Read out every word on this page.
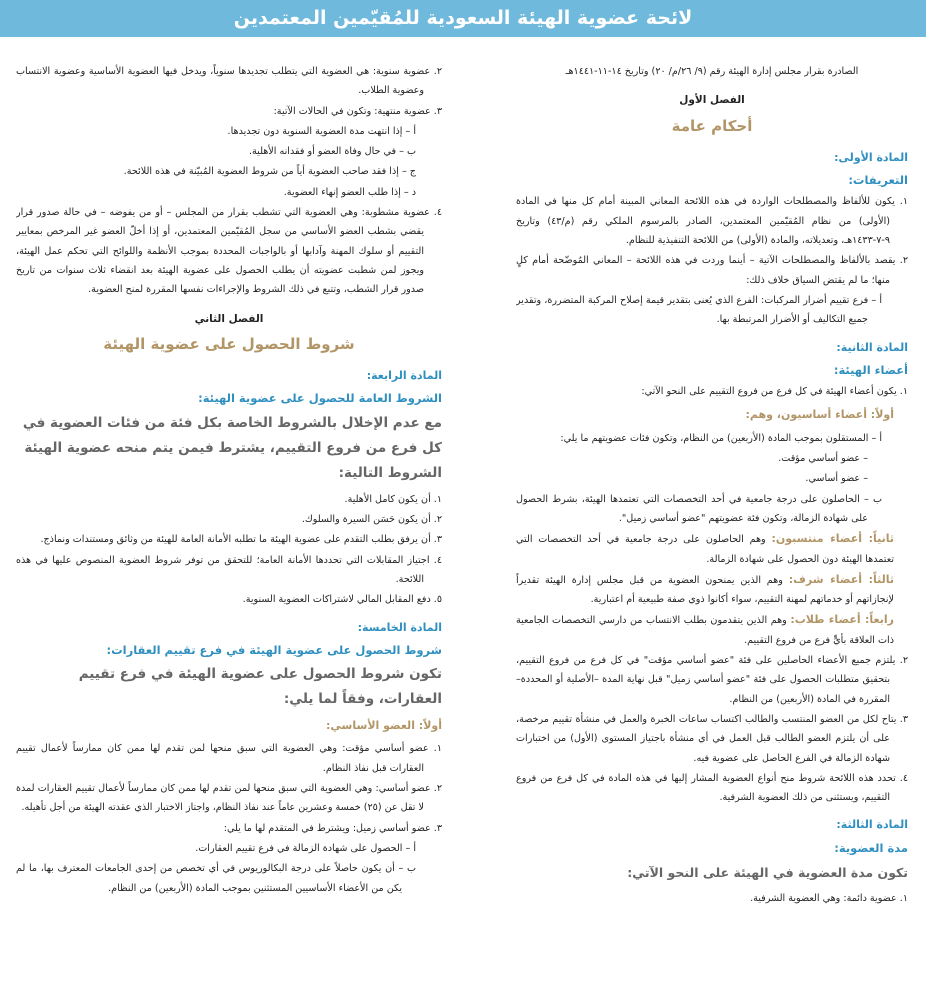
لائحة عضوية الهيئة السعودية للمُقيّمين المعتمدين
الصادرة بقرار مجلس إدارة الهيئة رقم (٩/ ٢٦/م/ ٢٠) وتاريخ ١٤-١١-١٤٤١هـ
الفصل الأول
أحكام عامة
المادة الأولى:
التعريفات:
١. يكون للألفاظ والمصطلحات الواردة في هذه اللائحة المعاني المبينة أمام كل منها في المادة (الأولى) من نظام المُقيّمين المعتمدين، الصادر بالمرسوم الملكي رقم (م/٤٣) وتاريخ ٩-٧-١٤٣٣هـ، وتعديلاته، والمادة (الأولى) من اللائحة التنفيذية للنظام.
٢. يقصد بالألفاظ والمصطلحات الآتية – أينما وردت في هذه اللائحة – المعاني المُوضّحة أمام كلٍ منها؛ ما لم يقتض السياق خلاف ذلك:
أ – فرع تقييم أضرار المركبات: الفرع الذي يُعنى بتقدير قيمة إصلاح المركبة المتضررة، وتقدير جميع التكاليف أو الأضرار المرتبطة بها.
المادة الثانية:
أعضاء الهيئة:
١. يكون أعضاء الهيئة في كل فرع من فروع التقييم على النحو الآتي:
أولاً: أعضاء أساسيون، وهم:
أ – المستقلون بموجب المادة (الأربعين) من النظام، وتكون فئات عضويتهم ما يلي:
– عضو أساسي مؤقت.
– عضو أساسي.
ب – الحاصلون على درجة جامعية في أحد التخصصات التي تعتمدها الهيئة، بشرط الحصول على شهادة الزمالة، وتكون فئة عضويتهم "عضو أساسي زميل".
ثانياً: أعضاء منتسبون: وهم الحاصلون على درجة جامعية في أحد التخصصات التي تعتمدها الهيئة دون الحصول على شهادة الزمالة.
ثالثاً: أعضاء شرف: وهم الذين يمنحون العضوية من قبل مجلس إدارة الهيئة تقديراً لإنجازاتهم أو خدماتهم لمهنة التقييم، سواء أكانوا ذوي صفة طبيعية أم اعتبارية.
رابعاً: أعضاء طلاب: وهم الذين يتقدمون بطلب الانتساب من دارسي التخصصات الجامعية ذات العلاقة بأيٍّ فرع من فروع التقييم.
٢. يلتزم جميع الأعضاء الحاصلين على فئة "عضو أساسي مؤقت" في كل فرع من فروع التقييم، بتحقيق متطلبات الحصول على فئة "عضو أساسي زميل" قبل نهاية المدة –الأصلية أو المحددة– المقررة في المادة (الأربعين) من النظام.
٣. يتاح لكل من العضو المنتسب والطالب اكتساب ساعات الخبرة والعمل في منشأة تقييم مرخصة، على أن يلتزم العضو الطالب قبل العمل في أي منشأة باجتياز المستوى (الأول) من اختبارات شهادة الزمالة في الفرع الحاصل على عضوية فيه.
٤. تحدد هذه اللائحة شروط منح أنواع العضوية المشار إليها في هذه المادة في كل فرع من فروع التقييم، ويستثنى من ذلك العضوية الشرفية.
المادة الثالثة:
مدة العضوية:
تكون مدة العضوية في الهيئة على النحو الآتي:
١. عضوية دائمة: وهي العضوية الشرفية.
٢. عضوية سنوية: هي العضوية التي يتطلب تجديدها سنوياً، ويدخل فيها العضوية الأساسية وعضوية الانتساب وعضوية الطلاب.
٣. عضوية منتهية: وتكون في الحالات الآتية:
أ – إذا انتهت مدة العضوية السنوية دون تجديدها.
ب – في حال وفاة العضو أو فقدانه الأهلية.
ج – إذا فقد صاحب العضوية أياً من شروط العضوية المُبيّنة في هذه اللائحة.
د – إذا طلب العضو إنهاء العضوية.
٤. عضوية مشطوبة: وهي العضوية التي تشطب بقرار من المجلس – أو من يفوضه – في حالة صدور قرار يقضي بشطب العضو الأساسي من سجل المُقيّمين المعتمدين، أو إذا أخلّ العضو غير المرخص بمعايير التقييم أو سلوك المهنة وآدابها أو بالواجبات المحددة بموجب الأنظمة واللوائح التي تحكم عمل الهيئة، ويجوز لمن شطبت عضويته أن يطلب الحصول على عضوية الهيئة بعد انقضاء ثلاث سنوات من تاريخ صدور قرار الشطب، وتتبع في ذلك الشروط والإجراءات نفسها المقررة لمنح العضوية.
الفصل الثاني
شروط الحصول على عضوية الهيئة
المادة الرابعة:
الشروط العامة للحصول على عضوية الهيئة:
مع عدم الإخلال بالشروط الخاصة بكل فئة من فئات العضوية في كل فرع من فروع التقييم، يشترط فيمن يتم منحه عضوية الهيئة الشروط التالية:
١. أن يكون كامل الأهلية.
٢. أن يكون حَسَن السيرة والسلوك.
٣. أن يرفق بطلب التقدم على عضوية الهيئة ما تطلبه الأمانة العامة للهيئة من وثائق ومستندات ونماذج.
٤. اجتياز المقابلات التي تحددها الأمانة العامة؛ للتحقق من توفر شروط العضوية المنصوص عليها في هذه اللائحة.
٥. دفع المقابل المالي لاشتراكات العضوية السنوية.
المادة الخامسة:
شروط الحصول على عضوية الهيئة في فرع تقييم العقارات:
تكون شروط الحصول على عضوية الهيئة في فرع تقييم العقارات، وفقاً لما يلي:
أولاً: العضو الأساسي:
١. عضو أساسي مؤقت: وهي العضوية التي سبق منحها لمن تقدم لها ممن كان ممارساً لأعمال تقييم العقارات قبل نفاذ النظام.
٢. عضو أساسي: وهي العضوية التي سبق منحها لمن تقدم لها ممن كان ممارساً لأعمال تقييم العقارات لمدة لا تقل عن (٢٥) خمسة وعشرين عاماً عند نفاذ النظام، واجتاز الاختبار الذي عقدته الهيئة من أجل تأهيله.
٣. عضو أساسي زميل: ويشترط في المتقدم لها ما يلي:
أ – الحصول على شهادة الزمالة في فرع تقييم العقارات.
ب – أن يكون حاصلاً على درجة البكالوريوس في أي تخصص من إحدى الجامعات المعترف بها، ما لم يكن من الأعضاء الأساسيين المستثنين بموجب المادة (الأربعين) من النظام.
